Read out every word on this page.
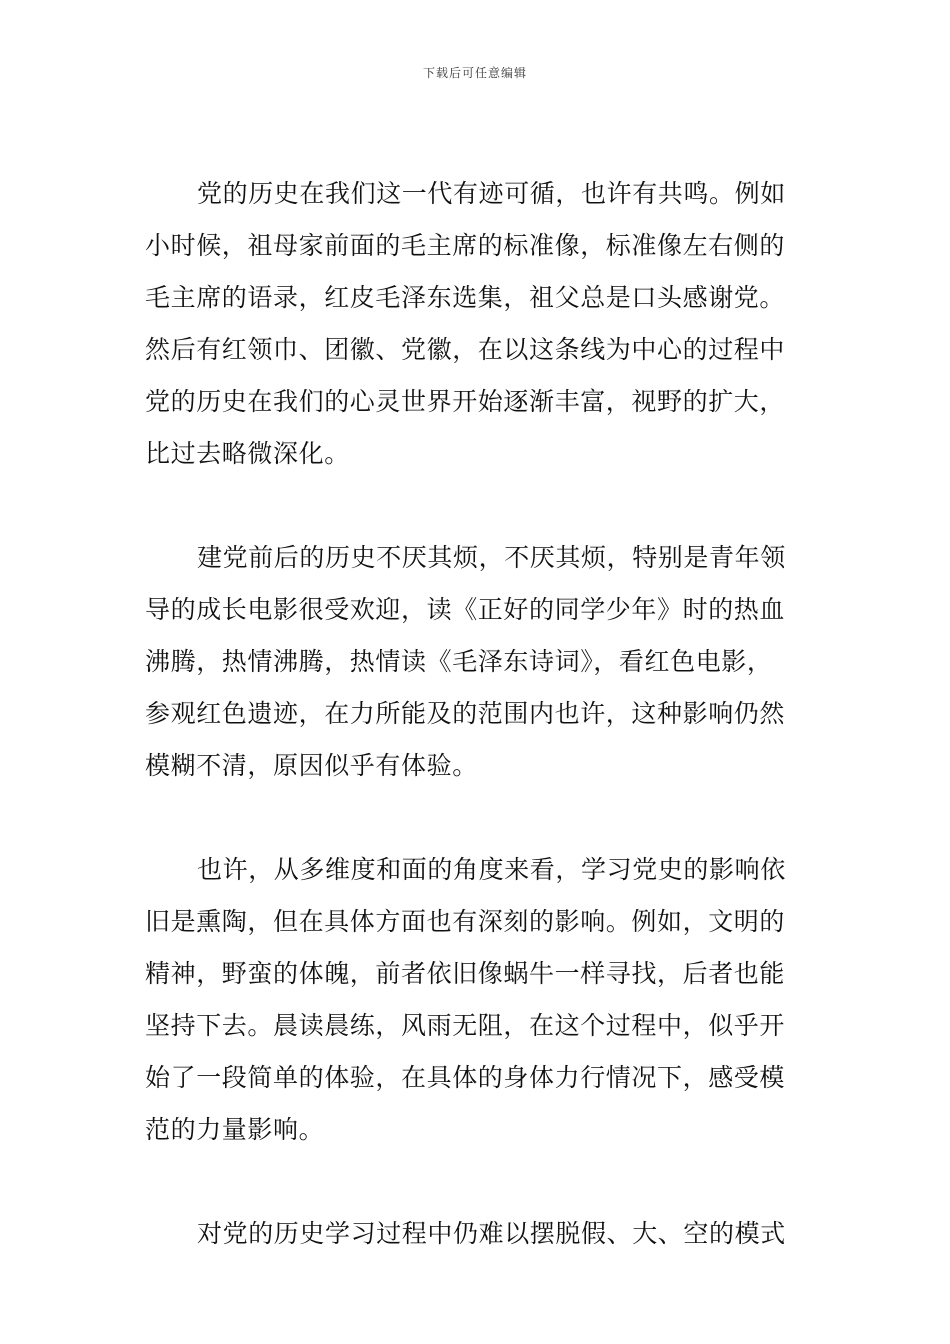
下载后可任意编辑
党的历史在我们这一代有迹可循，也许有共鸣。例如
小时候，祖母家前面的毛主席的标准像，标准像左右侧的
毛主席的语录，红皮毛泽东选集，祖父总是口头感谢党。
然后有红领巾、团徽、党徽，在以这条线为中心的过程中
党的历史在我们的心灵世界开始逐渐丰富，视野的扩大，
比过去略微深化。
建党前后的历史不厌其烦，不厌其烦，特别是青年领
导的成长电影很受欢迎，读《正好的同学少年》时的热血
沸腾，热情沸腾，热情读《毛泽东诗词》，看红色电影，
参观红色遗迹，在力所能及的范围内也许，这种影响仍然
模糊不清，原因似乎有体验。
也许，从多维度和面的角度来看，学习党史的影响依
旧是熏陶，但在具体方面也有深刻的影响。例如，文明的
精神，野蛮的体魄，前者依旧像蜗牛一样寻找，后者也能
坚持下去。晨读晨练，风雨无阻，在这个过程中，似乎开
始了一段简单的体验，在具体的身体力行情况下，感受模
范的力量影响。
对党的历史学习过程中仍难以摆脱假、大、空的模式
